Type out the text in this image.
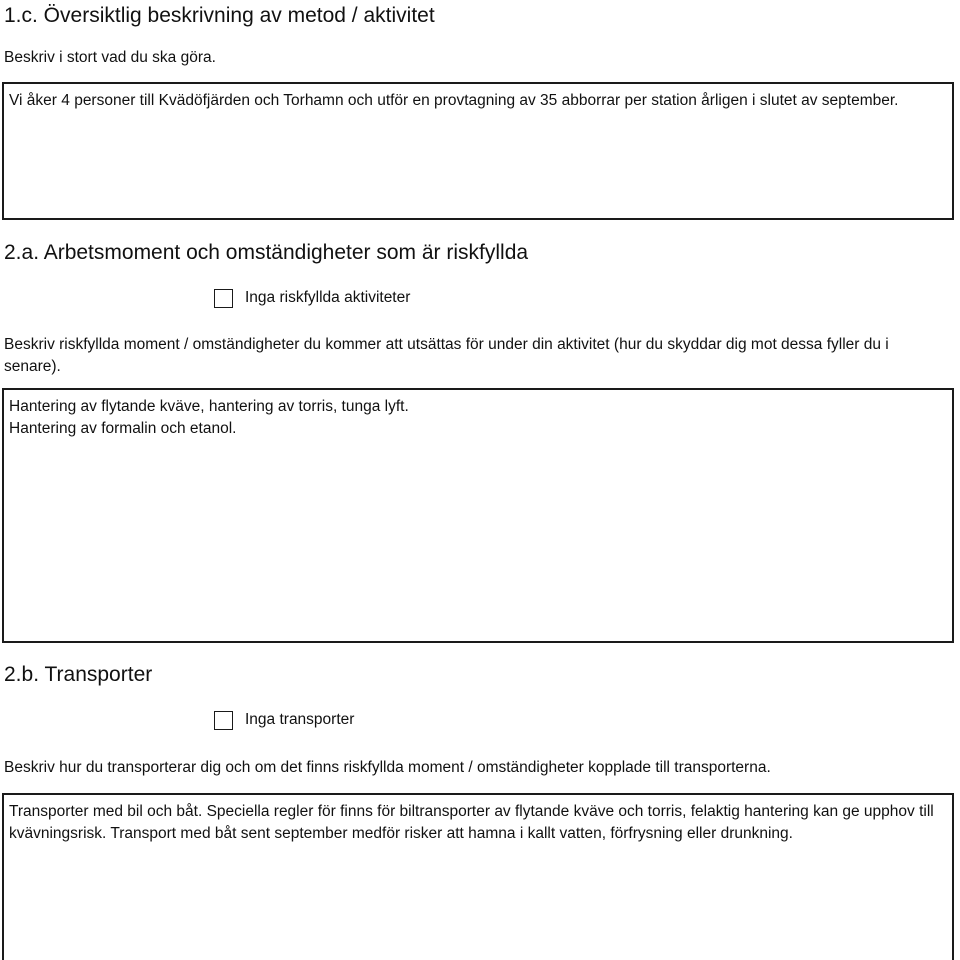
1.c. Översiktlig beskrivning av metod / aktivitet
Beskriv i stort vad du ska göra.

Vi åker 4 personer till Kvädöfjärden och Torhamn och utför en provtagning av 35 abborrar per station årligen i slutet av september.

2.a. Arbetsmoment och omständigheter som är riskfyllda
Inga riskfyllda aktiviteter
Beskriv riskfyllda moment / omständigheter du kommer att utsättas för under din aktivitet (hur du skyddar dig mot dessa fyller du i senare).

Hantering av flytande kväve, hantering av torris, tunga lyft.

Hantering av formalin och etanol.

2.b. Transporter
Inga transporter
Beskriv hur du transporterar dig och om det finns riskfyllda moment / omständigheter kopplade till transporterna.

Transporter med bil och båt. Speciella regler för finns för biltransporter av flytande kväve och torris, felaktig hantering kan ge upphov till kvävningsrisk. Transport med båt sent september medför risker att hamna i kallt vatten, förfrysning eller drunkning.
